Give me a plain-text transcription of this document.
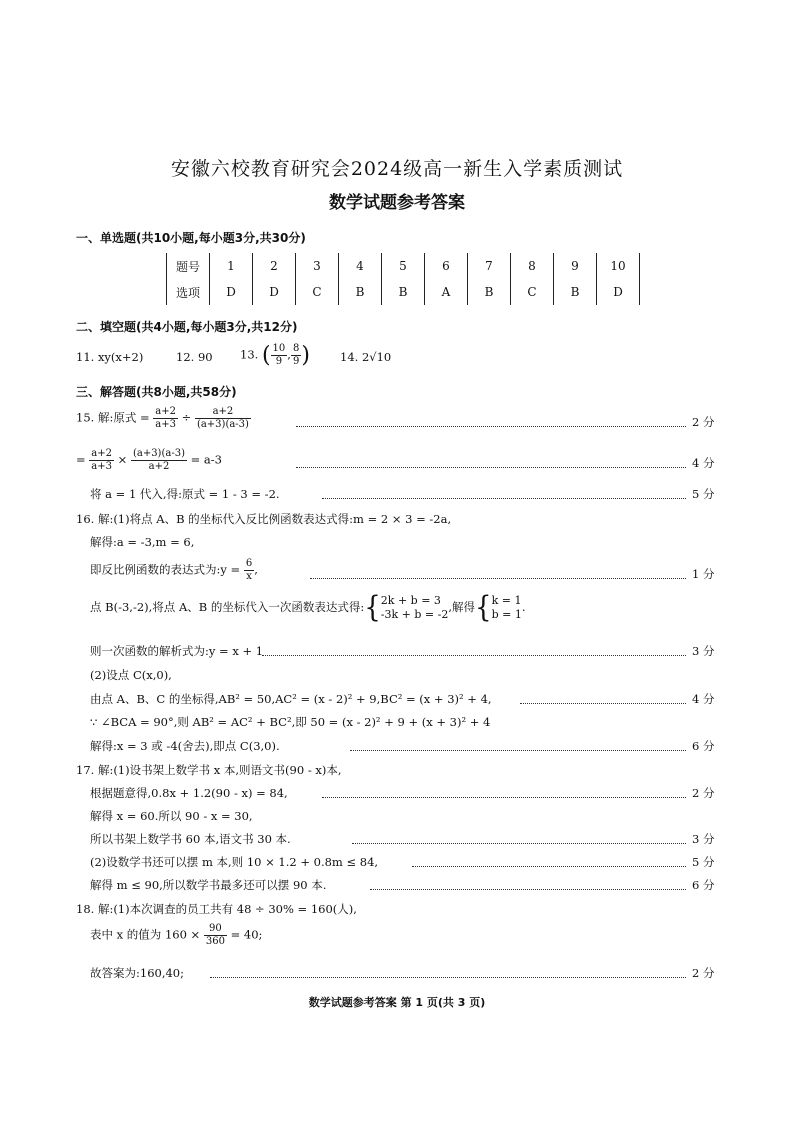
安徽六校教育研究会2024级高一新生入学素质测试
数学试题参考答案
一、单选题(共10小题,每小题3分,共30分)
题号	1	2	3	4	5	6	7	8	9	10
选项	D	D	C	B	B	A	B	C	B	D
二、填空题(共4小题,每小题3分,共12分)
11. xy(x+2)	12. 90 13. ( $\frac{10}{9}$ , $\frac{8}{9}$ )	14. 2√10
三、解答题(共8小题,共58分)
15. 解:原式 = $\frac{a+2}{a+3} \div \frac{a+2}{(a+3)(a-3)}$	2 分
= $\frac{a+2}{a+3} \times \frac{(a+3)(a-3)}{a+2} = a-3$	4 分
将 a = 1 代入,得:原式 = 1 - 3 = -2.	5 分
16. 解:(1)将点 A、B 的坐标代入反比例函数表达式得:m = 2 × 3 = -2a,
解得:a = -3,m = 6,
即反比例函数的表达式为:y = $\frac{6}{x}$ ,	1 分
点 B(-3,-2),将点 A、B 的坐标代入一次函数表达式得:{2k + b = 3
-3k + b = -2,解得{k = 1
b = 1.
则一次函数的解析式为:y = x + 1	3 分
(2)设点 C(x,0),
由点 A、B、C 的坐标得,AB² = 50,AC² = (x - 2)² + 9,BC² = (x + 3)² + 4,	4 分
∵ ∠BCA = 90°,则 AB² = AC² + BC²,即 50 = (x - 2)² + 9 + (x + 3)² + 4
解得:x = 3 或 -4(舍去),即点 C(3,0).	6 分
17. 解:(1)设书架上数学书 x 本,则语文书(90 - x)本,
根据题意得,0.8x + 1.2(90 - x) = 84,	2 分
解得 x = 60.所以 90 - x = 30,
所以书架上数学书 60 本,语文书 30 本.	3 分
(2)设数学书还可以摆 m 本,则 10 × 1.2 + 0.8m ≤ 84,	5 分
解得 m ≤ 90,所以数学书最多还可以摆 90 本.	6 分
18. 解:(1)本次调查的员工共有 48 ÷ 30% = 160(人),
表中 x 的值为 $160 \times \frac{90}{360} = 40$;
故答案为:160,40;	2 分
数学试题参考答案 第 1 页(共 3 页)
